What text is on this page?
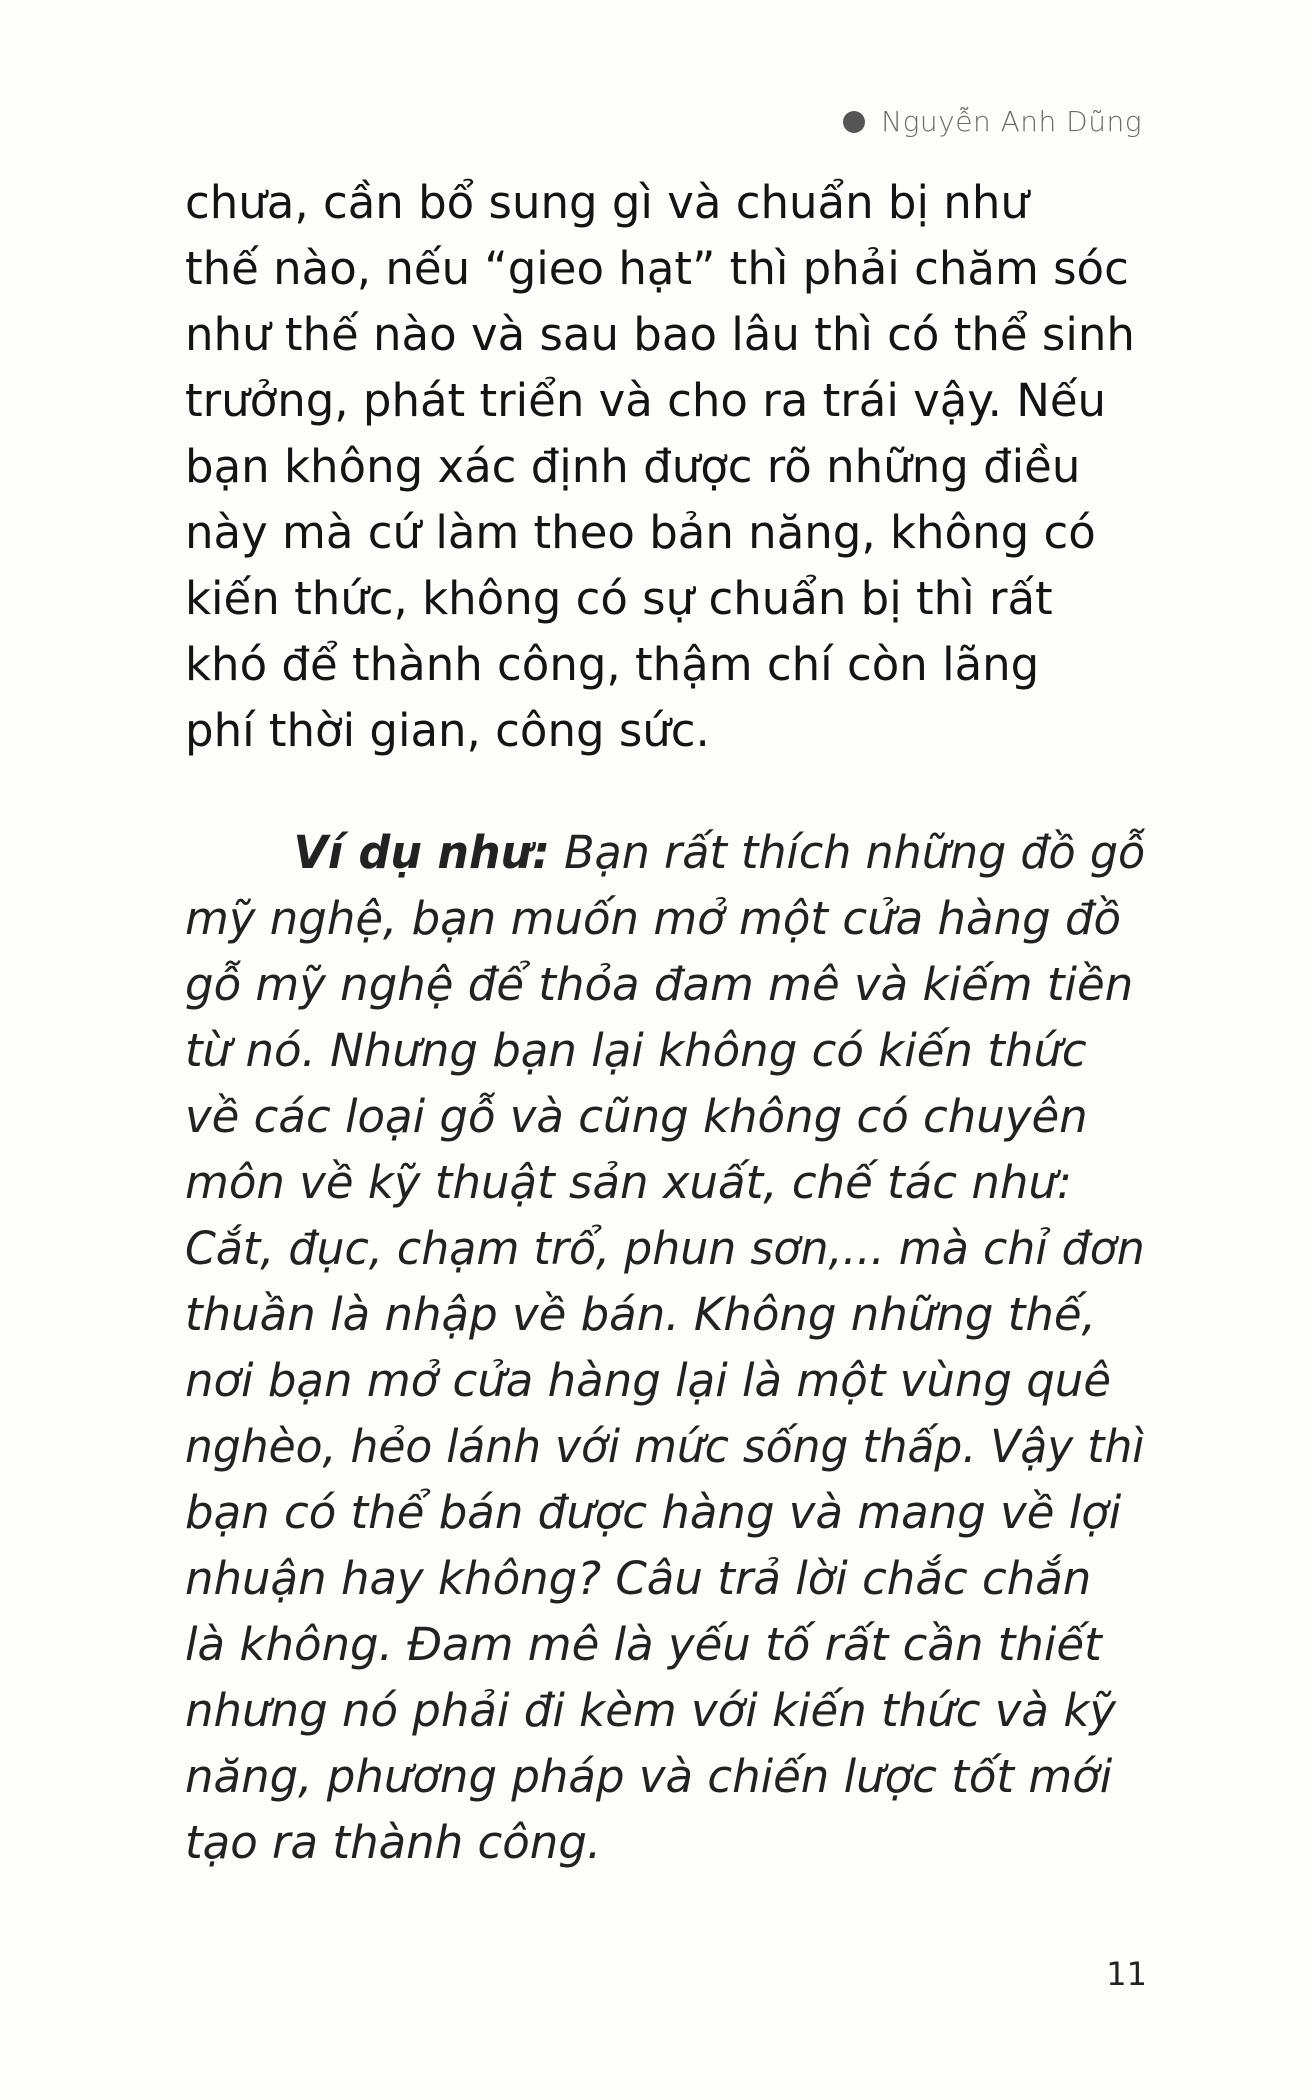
Nguyễn Anh Dũng
chưa, cần bổ sung gì và chuẩn bị như
thế nào, nếu “gieo hạt” thì phải chăm sóc
như thế nào và sau bao lâu thì có thể sinh
trưởng, phát triển và cho ra trái vậy. Nếu
bạn không xác định được rõ những điều
này mà cứ làm theo bản năng, không có
kiến thức, không có sự chuẩn bị thì rất
khó để thành công, thậm chí còn lãng
phí thời gian, công sức.
Ví dụ như: Bạn rất thích những đồ gỗ
mỹ nghệ, bạn muốn mở một cửa hàng đồ
gỗ mỹ nghệ để thỏa đam mê và kiếm tiền
từ nó. Nhưng bạn lại không có kiến thức
về các loại gỗ và cũng không có chuyên
môn về kỹ thuật sản xuất, chế tác như:
Cắt, đục, chạm trổ, phun sơn,... mà chỉ đơn
thuần là nhập về bán. Không những thế,
nơi bạn mở cửa hàng lại là một vùng quê
nghèo, hẻo lánh với mức sống thấp. Vậy thì
bạn có thể bán được hàng và mang về lợi
nhuận hay không? Câu trả lời chắc chắn
là không. Đam mê là yếu tố rất cần thiết
nhưng nó phải đi kèm với kiến thức và kỹ
năng, phương pháp và chiến lược tốt mới
tạo ra thành công.
11
